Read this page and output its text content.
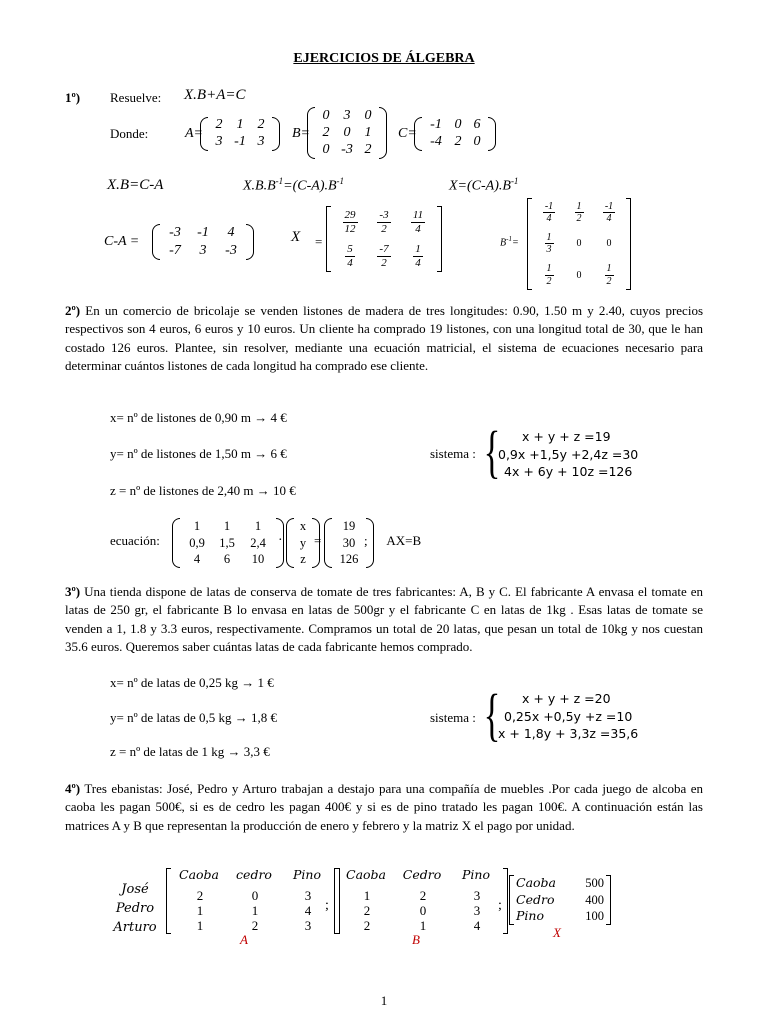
EJERCICIOS DE ÁLGEBRA
1º) Resuelve: X.B+A=C
Donde:	A=
2 1 2
3 -1 3
B=
0 3 0
2 0 1
0 -3 2
C=
-1 0 6
-4 2 0
X.B=C-A	$X.B.B^{-1}=(C-A).B^{-1}$	$X=(C-A).B^{-1}$
C-A =
-3 -1 4
-7 3 -3
X =
$\frac{29}{12} \frac{-3}{2} \frac{11}{4}$
$\frac{5}{4} \frac{-7}{2} \frac{1}{4}$
$B^{-1}=$
$\frac{-1}{4} \frac{1}{2} \frac{-1}{4}$
$\frac{1}{3} 0$	0
$\frac{1}{2} 0 \frac{1}{2}$
2º) En un comercio de bricolaje se venden listones de madera de tres longitudes: 0.90, 1.50 m y 2.40, cuyos precios respectivos son 4 euros, 6 euros y 10 euros. Un cliente ha comprado 19 listones, con una longitud total de 30, que le han costado 126 euros. Plantee, sin resolver, mediante una ecuación matricial, el sistema de ecuaciones necesario para determinar cuántos listones de cada longitud ha comprado ese cliente.
x= nº de listones de 0,90 m → 4 €
y= nº de listones de 1,50 m → 6 €
z = nº de listones de 2,40 m → 10 €
sistema : {	x + y + z =19
0,9x +1,5y +2,4z =30
4x + 6y + 10z =126
ecuación:
1 1 1
0,9 1,5 2,4
4 6 10
·
x
y
z
=
19
30
126
;      AX=B
3º) Una tienda dispone de latas de conserva de tomate de tres fabricantes: A, B y C. El fabricante A envasa el tomate en latas de 250 gr, el fabricante B lo envasa en latas de 500gr y el fabricante C en latas de 1kg . Esas latas de tomate se venden a 1, 1.8 y 3.3 euros, respectivamente. Compramos un total de 20 latas, que pesan un total de 10kg y nos cuestan 35.6 euros. Queremos saber cuántas latas de cada fabricante hemos comprado.
x= nº de latas de 0,25 kg → 1 €
y= nº de latas de 0,5 kg → 1,8 €
z = nº de latas de 1 kg → 3,3 €
sistema : {	x + y + z =20
0,25x +0,5y +z =10
x + 1,8y + 3,3z =35,6
4º) Tres ebanistas: José, Pedro y Arturo trabajan a destajo para una compañía de muebles .Por cada juego de alcoba en caoba les pagan 500€, si es de cedro les pagan 400€ y si es de pino tratado les pagan 100€. A continuación están las matrices A y B que representan la producción de enero y febrero y la matriz X el pago por unidad.
José
Pedro
Arturo
Caoba	cedro	Pino
2	0	3
1	1	4
1	2	3
;
Caoba	Cedro	Pino
1	2	3
2	0	3
2	1	4
;
Caoba 500
Cedro 400
Pino	100
A	B	X
1
